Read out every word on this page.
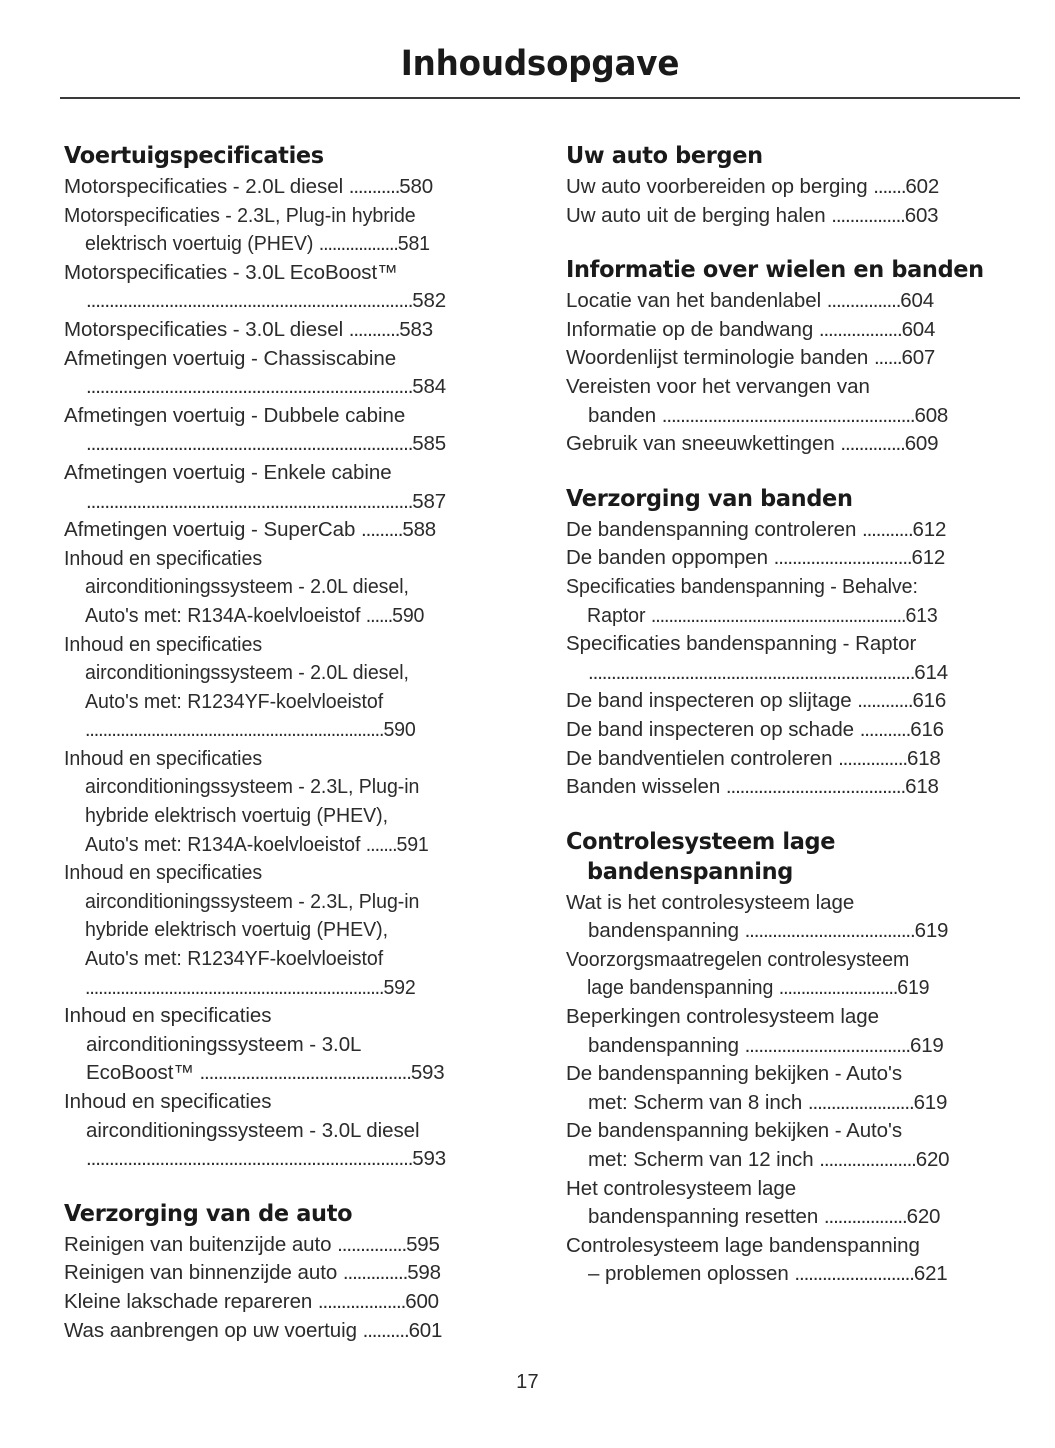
Inhoudsopgave
Voertuigspecificaties
Motorspecificaties - 2.0L diesel ...........580
Motorspecificaties - 2.3L, Plug-in hybride
elektrisch voertuig (PHEV) ..................581
Motorspecificaties - 3.0L EcoBoost™
.......................................................................582
Motorspecificaties - 3.0L diesel ...........583
Afmetingen voertuig - Chassiscabine
.......................................................................584
Afmetingen voertuig - Dubbele cabine
.......................................................................585
Afmetingen voertuig - Enkele cabine
.......................................................................587
Afmetingen voertuig - SuperCab .........588
Inhoud en specificaties
airconditioningssysteem - 2.0L diesel,
Auto's met: R134A-koelvloeistof ......590
Inhoud en specificaties
airconditioningssysteem - 2.0L diesel,
Auto's met: R1234YF-koelvloeistof
....................................................................590
Inhoud en specificaties
airconditioningssysteem - 2.3L, Plug-in
hybride elektrisch voertuig (PHEV),
Auto's met: R134A-koelvloeistof .......591
Inhoud en specificaties
airconditioningssysteem - 2.3L, Plug-in
hybride elektrisch voertuig (PHEV),
Auto's met: R1234YF-koelvloeistof
....................................................................592
Inhoud en specificaties
airconditioningssysteem - 3.0L
EcoBoost™ ..............................................593
Inhoud en specificaties
airconditioningssysteem - 3.0L diesel
.......................................................................593
Verzorging van de auto
Reinigen van buitenzijde auto ...............595
Reinigen van binnenzijde auto ..............598
Kleine lakschade repareren ...................600
Was aanbrengen op uw voertuig ..........601
Uw auto bergen
Uw auto voorbereiden op berging .......602
Uw auto uit de berging halen ................603
Informatie over wielen en banden
Locatie van het bandenlabel ................604
Informatie op de bandwang ..................604
Woordenlijst terminologie banden ......607
Vereisten voor het vervangen van
banden .......................................................608
Gebruik van sneeuwkettingen ..............609
Verzorging van banden
De bandenspanning controleren ...........612
De banden oppompen ..............................612
Specificaties bandenspanning - Behalve:
Raptor ..........................................................613
Specificaties bandenspanning - Raptor
.......................................................................614
De band inspecteren op slijtage ............616
De band inspecteren op schade ...........616
De bandventielen controleren ...............618
Banden wisselen .......................................618
Controlesysteem lage bandenspanning
Wat is het controlesysteem lage
bandenspanning .....................................619
Voorzorgsmaatregelen controlesysteem
lage bandenspanning ...........................619
Beperkingen controlesysteem lage
bandenspanning ....................................619
De bandenspanning bekijken - Auto's
met: Scherm van 8 inch .......................619
De bandenspanning bekijken - Auto's
met: Scherm van 12 inch .....................620
Het controlesysteem lage
bandenspanning resetten ..................620
Controlesysteem lage bandenspanning
– problemen oplossen ..........................621
17
